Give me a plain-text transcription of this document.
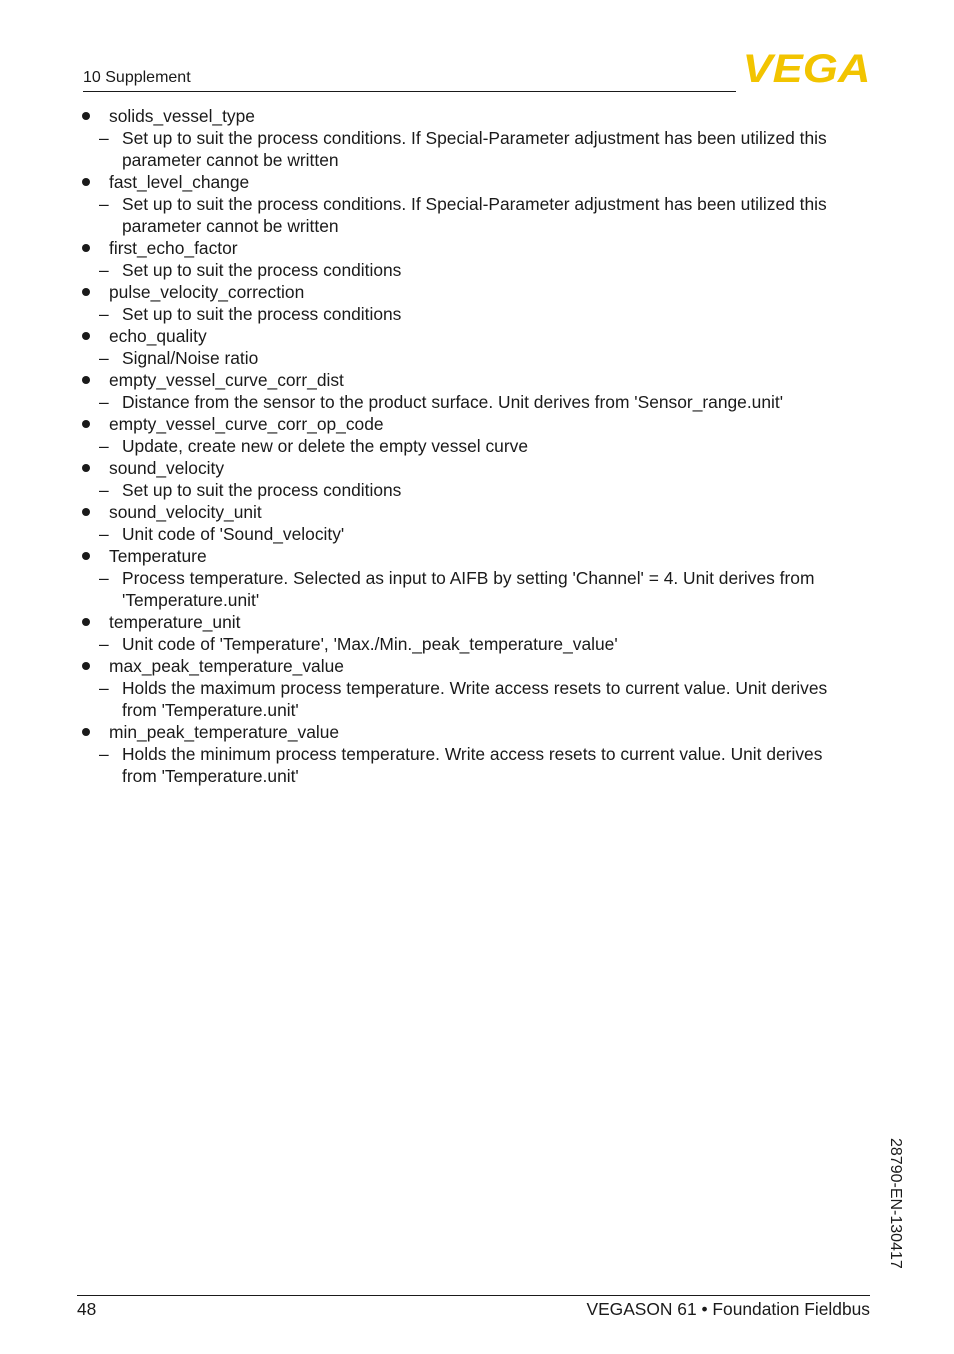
10 Supplement	VEGA
solids_vessel_type
– Set up to suit the process conditions. If Special-Parameter adjustment has been utilized this parameter cannot be written
fast_level_change
– Set up to suit the process conditions. If Special-Parameter adjustment has been utilized this parameter cannot be written
first_echo_factor
– Set up to suit the process conditions
pulse_velocity_correction
– Set up to suit the process conditions
echo_quality
– Signal/Noise ratio
empty_vessel_curve_corr_dist
– Distance from the sensor to the product surface. Unit derives from 'Sensor_range.unit'
empty_vessel_curve_corr_op_code
– Update, create new or delete the empty vessel curve
sound_velocity
– Set up to suit the process conditions
sound_velocity_unit
– Unit code of 'Sound_velocity'
Temperature
– Process temperature. Selected as input to AIFB by setting 'Channel' = 4. Unit derives from 'Temperature.unit'
temperature_unit
– Unit code of 'Temperature', 'Max./Min._peak_temperature_value'
max_peak_temperature_value
– Holds the maximum process temperature. Write access resets to current value. Unit derives from 'Temperature.unit'
min_peak_temperature_value
– Holds the minimum process temperature. Write access resets to current value. Unit derives from 'Temperature.unit'
28790-EN-130417
48	VEGASON 61 • Foundation Fieldbus
